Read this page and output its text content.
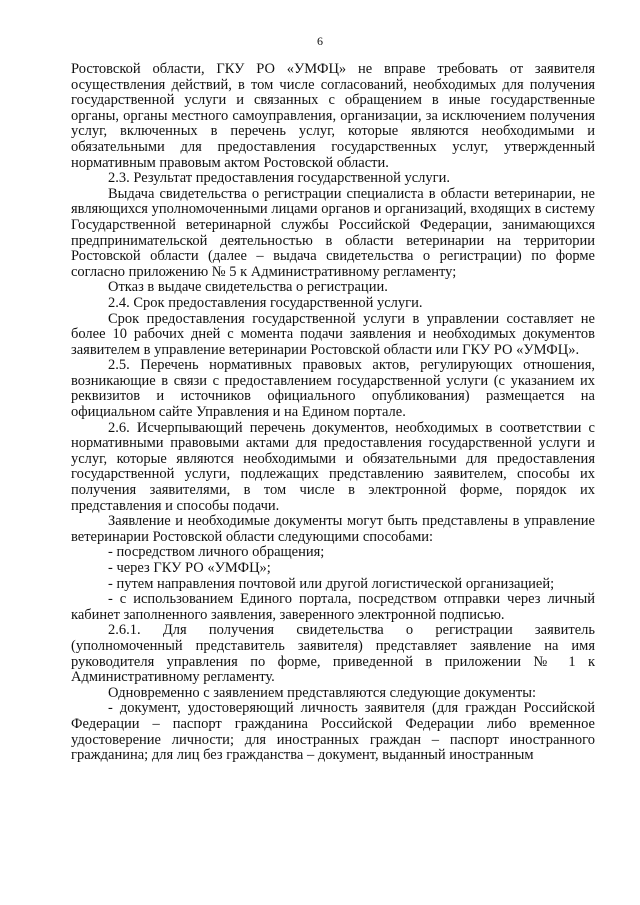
6

Ростовской области, ГКУ РО «УМФЦ» не вправе требовать от заявителя осуществления действий, в том числе согласований, необходимых для получения государственной услуги и связанных с обращением в иные государственные органы, органы местного самоуправления, организации, за исключением получения услуг, включенных в перечень услуг, которые являются необходимыми и обязательными для предоставления государственных услуг, утвержденный нормативным правовым актом Ростовской области.

2.3. Результат предоставления государственной услуги.

Выдача свидетельства о регистрации специалиста в области ветеринарии, не являющихся уполномоченными лицами органов и организаций, входящих в систему Государственной ветеринарной службы Российской Федерации, занимающихся предпринимательской деятельностью в области ветеринарии на территории Ростовской области (далее – выдача свидетельства о регистрации) по форме согласно приложению № 5 к Административному регламенту;

Отказ в выдаче свидетельства о регистрации.

2.4. Срок предоставления государственной услуги.

Срок предоставления государственной услуги в управлении составляет не более 10 рабочих дней с момента подачи заявления и необходимых документов заявителем в управление ветеринарии Ростовской области или ГКУ РО «УМФЦ».

2.5. Перечень нормативных правовых актов, регулирующих отношения, возникающие в связи с предоставлением государственной услуги (с указанием их реквизитов и источников официального опубликования) размещается на официальном сайте Управления и на Едином портале.

2.6. Исчерпывающий перечень документов, необходимых в соответствии с нормативными правовыми актами для предоставления государственной услуги и услуг, которые являются необходимыми и обязательными для предоставления государственной услуги, подлежащих представлению заявителем, способы их получения заявителями, в том числе в электронной форме, порядок их представления и способы подачи.

Заявление и необходимые документы могут быть представлены в управление ветеринарии Ростовской области следующими способами:

- посредством личного обращения;

- через ГКУ РО «УМФЦ»;

- путем направления почтовой или другой логистической организацией;

- с использованием Единого портала, посредством отправки через личный кабинет заполненного заявления, заверенного электронной подписью.

2.6.1. Для получения свидетельства о регистрации заявитель (уполномоченный представитель заявителя) представляет заявление на имя руководителя управления по форме, приведенной в приложении № 1 к Административному регламенту.

Одновременно с заявлением представляются следующие документы:

- документ, удостоверяющий личность заявителя (для граждан Российской Федерации – паспорт гражданина Российской Федерации либо временное удостоверение личности; для иностранных граждан – паспорт иностранного гражданина; для лиц без гражданства – документ, выданный иностранным
